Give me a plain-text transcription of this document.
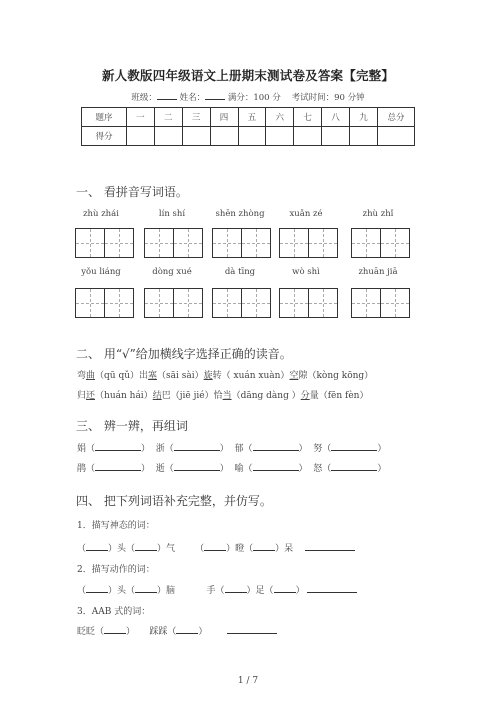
新人教版四年级语文上册期末测试卷及答案【完整】
班级：	姓名：	满分：100 分 考试时间：90 分钟
题序	一	二	三	四	五	六	七	八	九	总分
得分										
一、 看拼音写词语。
zhù zhái	lín shí	shēn zhòng	xuǎn zé	zhù zhǐ
yǒu liáng	dòng xué	dà tīng	wò shì	zhuān jiā
二、 用“√”给加横线字选择正确的读音。
弯曲（qū qǔ）出塞（sāi sài）旋转（ xuán xuàn）空隙（kòng kōng）
归还（huán hái）结巴（jiē jié）恰当（dāng dàng ）分量（fēn fèn）
三、 辨一辨，再组词
娟（	） 浙（	） 郁（	） 努（	）
鹃（	） 逝（	） 喻（	） 怒（	）
四、 把下列词语补充完整，并仿写。
1．描写神态的词：
（ ）头（ ）气 （ ）瞪（ ）呆
2．描写动作的词：
（ ）头（ ）脑	手（ ）足（ ）
3．AAB 式的词：
眨眨（ ） 踩踩（ ）
1 / 7
